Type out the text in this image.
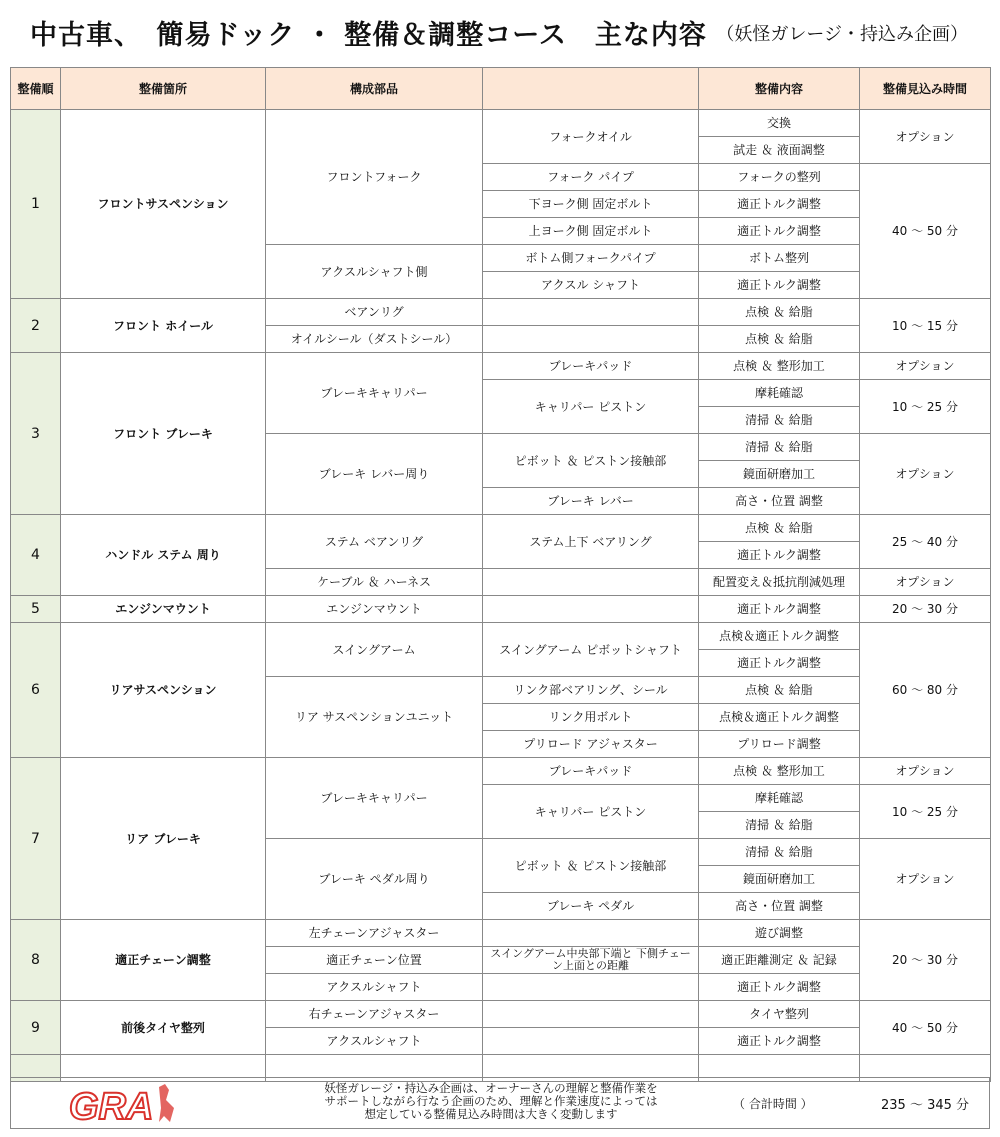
中古車、　簡易ドック ・ 整備＆調整コース　主な内容 （妖怪ガレージ・持込み企画）
整備順	整備箇所	構成部品		整備内容	整備見込み時間
1	フロントサスペンション	フロントフォーク	フォークオイル	交換	オプション
				試走 ＆ 液面調整	
			フォーク パイプ	フォークの整列	40 ～ 50 分
			下ヨーク側 固定ボルト	適正トルク調整	
			上ヨーク側 固定ボルト	適正トルク調整	
		アクスルシャフト側	ボトム側フォークパイプ	ボトム整列	
			アクスル シャフト	適正トルク調整	
2	フロント ホイール	ベアンリグ		点検 ＆ 給脂	10 ～ 15 分
		オイルシール（ダストシール）		点検 ＆ 給脂	
3	フロント ブレーキ	ブレーキキャリパー	ブレーキパッド	点検 ＆ 整形加工	オプション
			キャリパー ピストン	摩耗確認	10 ～ 25 分
				清掃 ＆ 給脂	
		ブレーキ レバー周り	ピボット ＆ ピストン接触部	清掃 ＆ 給脂	オプション
				鏡面研磨加工	
			ブレーキ レバー	高さ・位置 調整	
4	ハンドル ステム 周り	ステム ベアンリグ	ステム上下 ベアリング	点検 ＆ 給脂	25 ～ 40 分
				適正トルク調整	
		ケーブル ＆ ハーネス		配置変え＆抵抗削減処理	オプション
5	エンジンマウント	エンジンマウント		適正トルク調整	20 ～ 30 分
6	リアサスペンション	スイングアーム	スイングアーム ピボットシャフト	点検＆適正トルク調整	60 ～ 80 分
				適正トルク調整	
		リア サスペンションユニット	リンク部ベアリング、シール	点検 ＆ 給脂	
			リンク用ボルト	点検＆適正トルク調整	
			プリロード アジャスター	プリロード調整	
7	リア ブレーキ	ブレーキキャリパー	ブレーキパッド	点検 ＆ 整形加工	オプション
			キャリパー ピストン	摩耗確認	10 ～ 25 分
				清掃 ＆ 給脂	
		ブレーキ ペダル周り	ピボット ＆ ピストン接触部	清掃 ＆ 給脂	オプション
				鏡面研磨加工	
			ブレーキ ペダル	高さ・位置 調整	
8	適正チェーン調整	左チェーンアジャスター		遊び調整	20 ～ 30 分
		適正チェーン位置	スイングアーム中央部下端と 下側チェーン上面との距離	適正距離測定 ＆ 記録	
		アクスルシャフト		適正トルク調整	
9	前後タイヤ整列	右チェーンアジャスター		タイヤ整列	40 ～ 50 分
		アクスルシャフト		適正トルク調整	

GRA	妖怪ガレージ・持込み企画は、オーナーさんの理解と整備作業を
サポートしながら行なう企画のため、理解と作業速度によっては
想定している整備見込み時間は大きく変動します
（ 合計時間 ）	235 ～ 345 分
